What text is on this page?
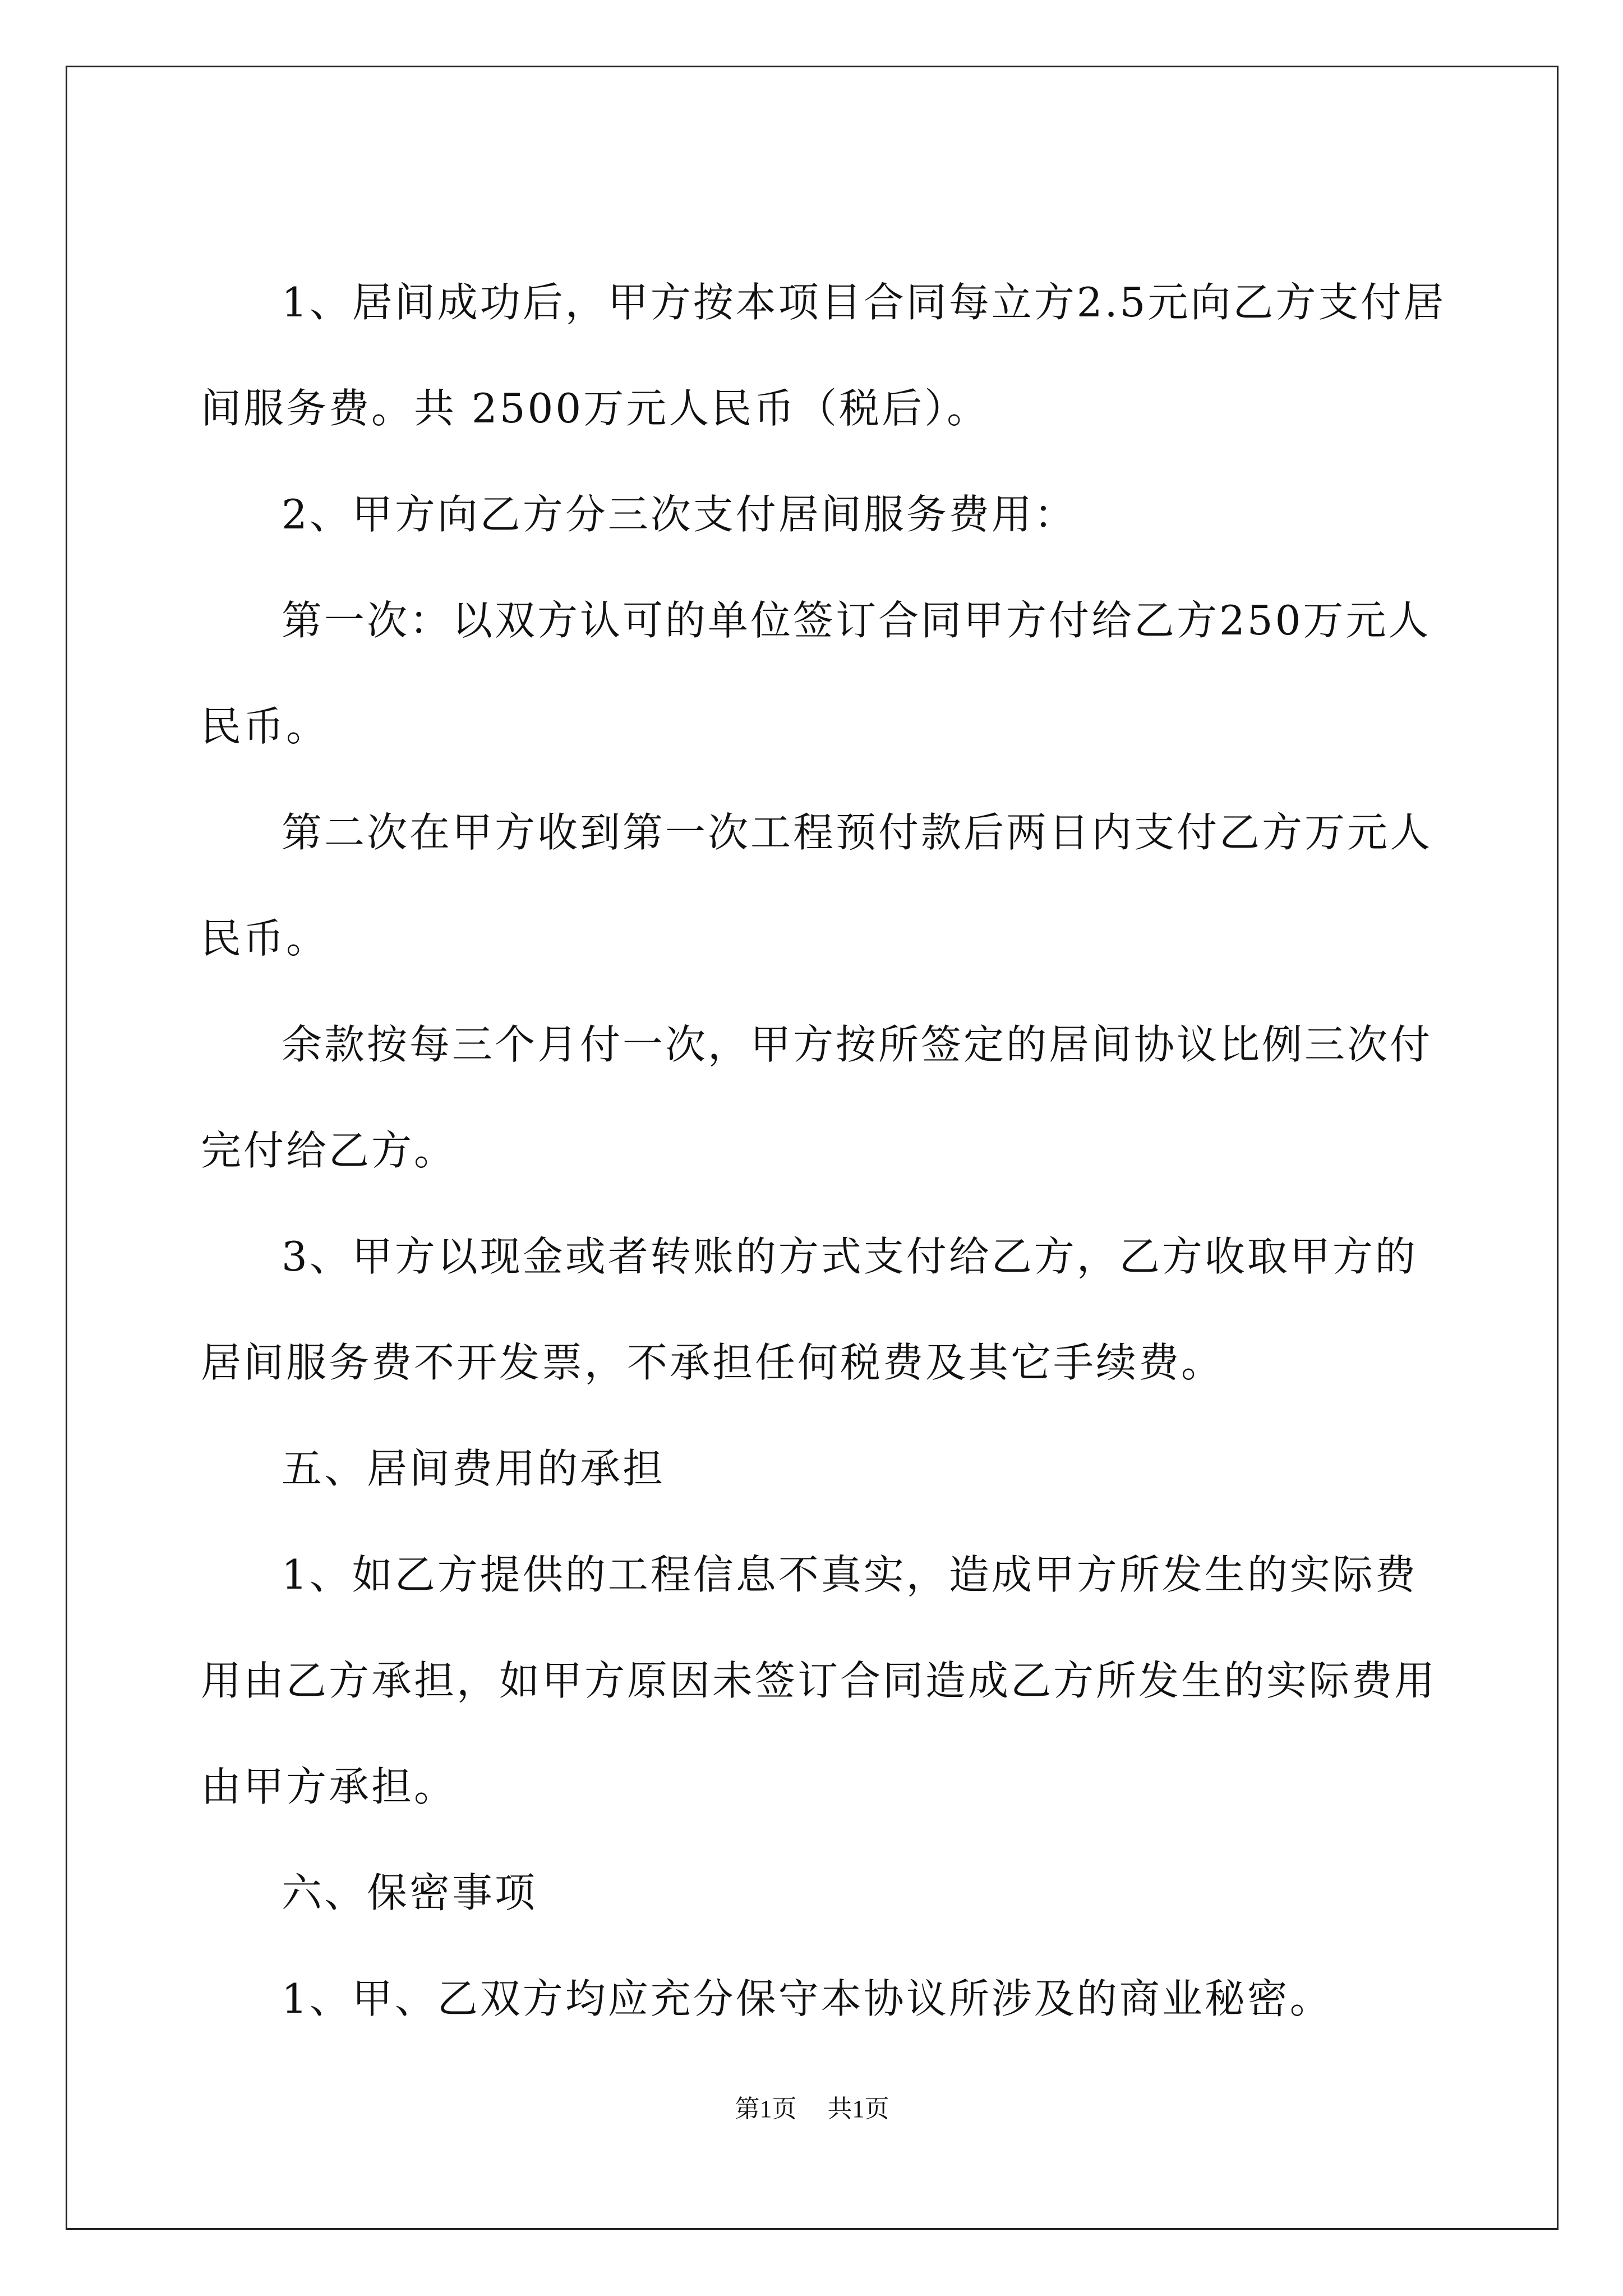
1、居间成功后，甲方按本项目合同每立方2.5元向乙方支付居间服务费。共 2500万元人民币（税后）。

2、甲方向乙方分三次支付居间服务费用：

第一次：以双方认可的单位签订合同甲方付给乙方250万元人民币。

第二次在甲方收到第一次工程预付款后两日内支付乙方万元人民币。

余款按每三个月付一次，甲方按所签定的居间协议比例三次付完付给乙方。

3、甲方以现金或者转账的方式支付给乙方，乙方收取甲方的居间服务费不开发票，不承担任何税费及其它手续费。

五、居间费用的承担

1、如乙方提供的工程信息不真实，造成甲方所发生的实际费用由乙方承担，如甲方原因未签订合同造成乙方所发生的实际费用由甲方承担。

六、保密事项

1、甲、乙双方均应充分保守本协议所涉及的商业秘密。

第1页 共1页
